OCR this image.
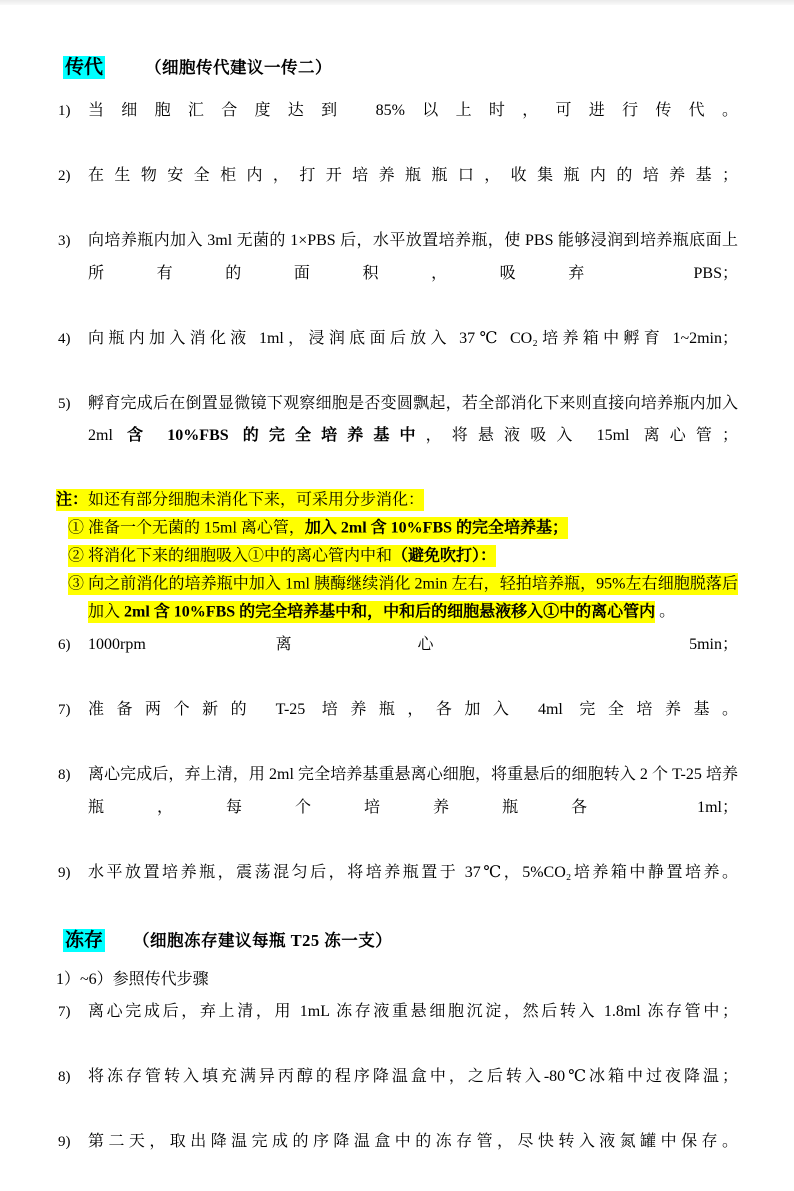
传代	（细胞传代建议一传二）
1)	当细胞汇合度达到 85%以上时，可进行传代。
2)	在生物安全柜内，打开培养瓶瓶口，收集瓶内的培养基；
3)	向培养瓶内加入 3ml 无菌的 1×PBS 后，水平放置培养瓶，使 PBS 能够浸润到培养瓶底面上所有的面积，吸弃 PBS；
4)	向瓶内加入消化液 1ml，浸润底面后放入 37℃ CO₂培养箱中孵育 1~2min；
5)	孵育完成后在倒置显微镜下观察细胞是否变圆飘起，若全部消化下来则直接向培养瓶内加入 2ml 含 10%FBS 的完全培养基中，将悬液吸入 15ml 离心管；
注：如还有部分细胞未消化下来，可采用分步消化：
① 准备一个无菌的 15ml 离心管，加入 2ml 含 10%FBS 的完全培养基；
② 将消化下来的细胞吸入①中的离心管内中和（避免吹打）：
③ 向之前消化的培养瓶中加入 1ml 胰酶继续消化 2min 左右，轻拍培养瓶，95%左右细胞脱落后加入 2ml 含 10%FBS 的完全培养基中和，中和后的细胞悬液移入①中的离心管内 。
6)	1000rpm 离心 5min；
7)	准备两个新的 T-25 培养瓶，各加入 4ml 完全培养基。
8)	离心完成后，弃上清，用 2ml 完全培养基重悬离心细胞，将重悬后的细胞转入 2 个 T-25 培养瓶，每个培养瓶各 1ml；
9)	水平放置培养瓶，震荡混匀后，将培养瓶置于 37℃，5%CO₂培养箱中静置培养。
冻存 （细胞冻存建议每瓶 T25 冻一支）
1）~6）参照传代步骤
7)	离心完成后，弃上清，用 1mL 冻存液重悬细胞沉淀，然后转入 1.8ml 冻存管中；
8)	将冻存管转入填充满异丙醇的程序降温盒中，之后转入-80℃冰箱中过夜降温；
9)	第二天，取出降温完成的序降温盒中的冻存管，尽快转入液氮罐中保存。
